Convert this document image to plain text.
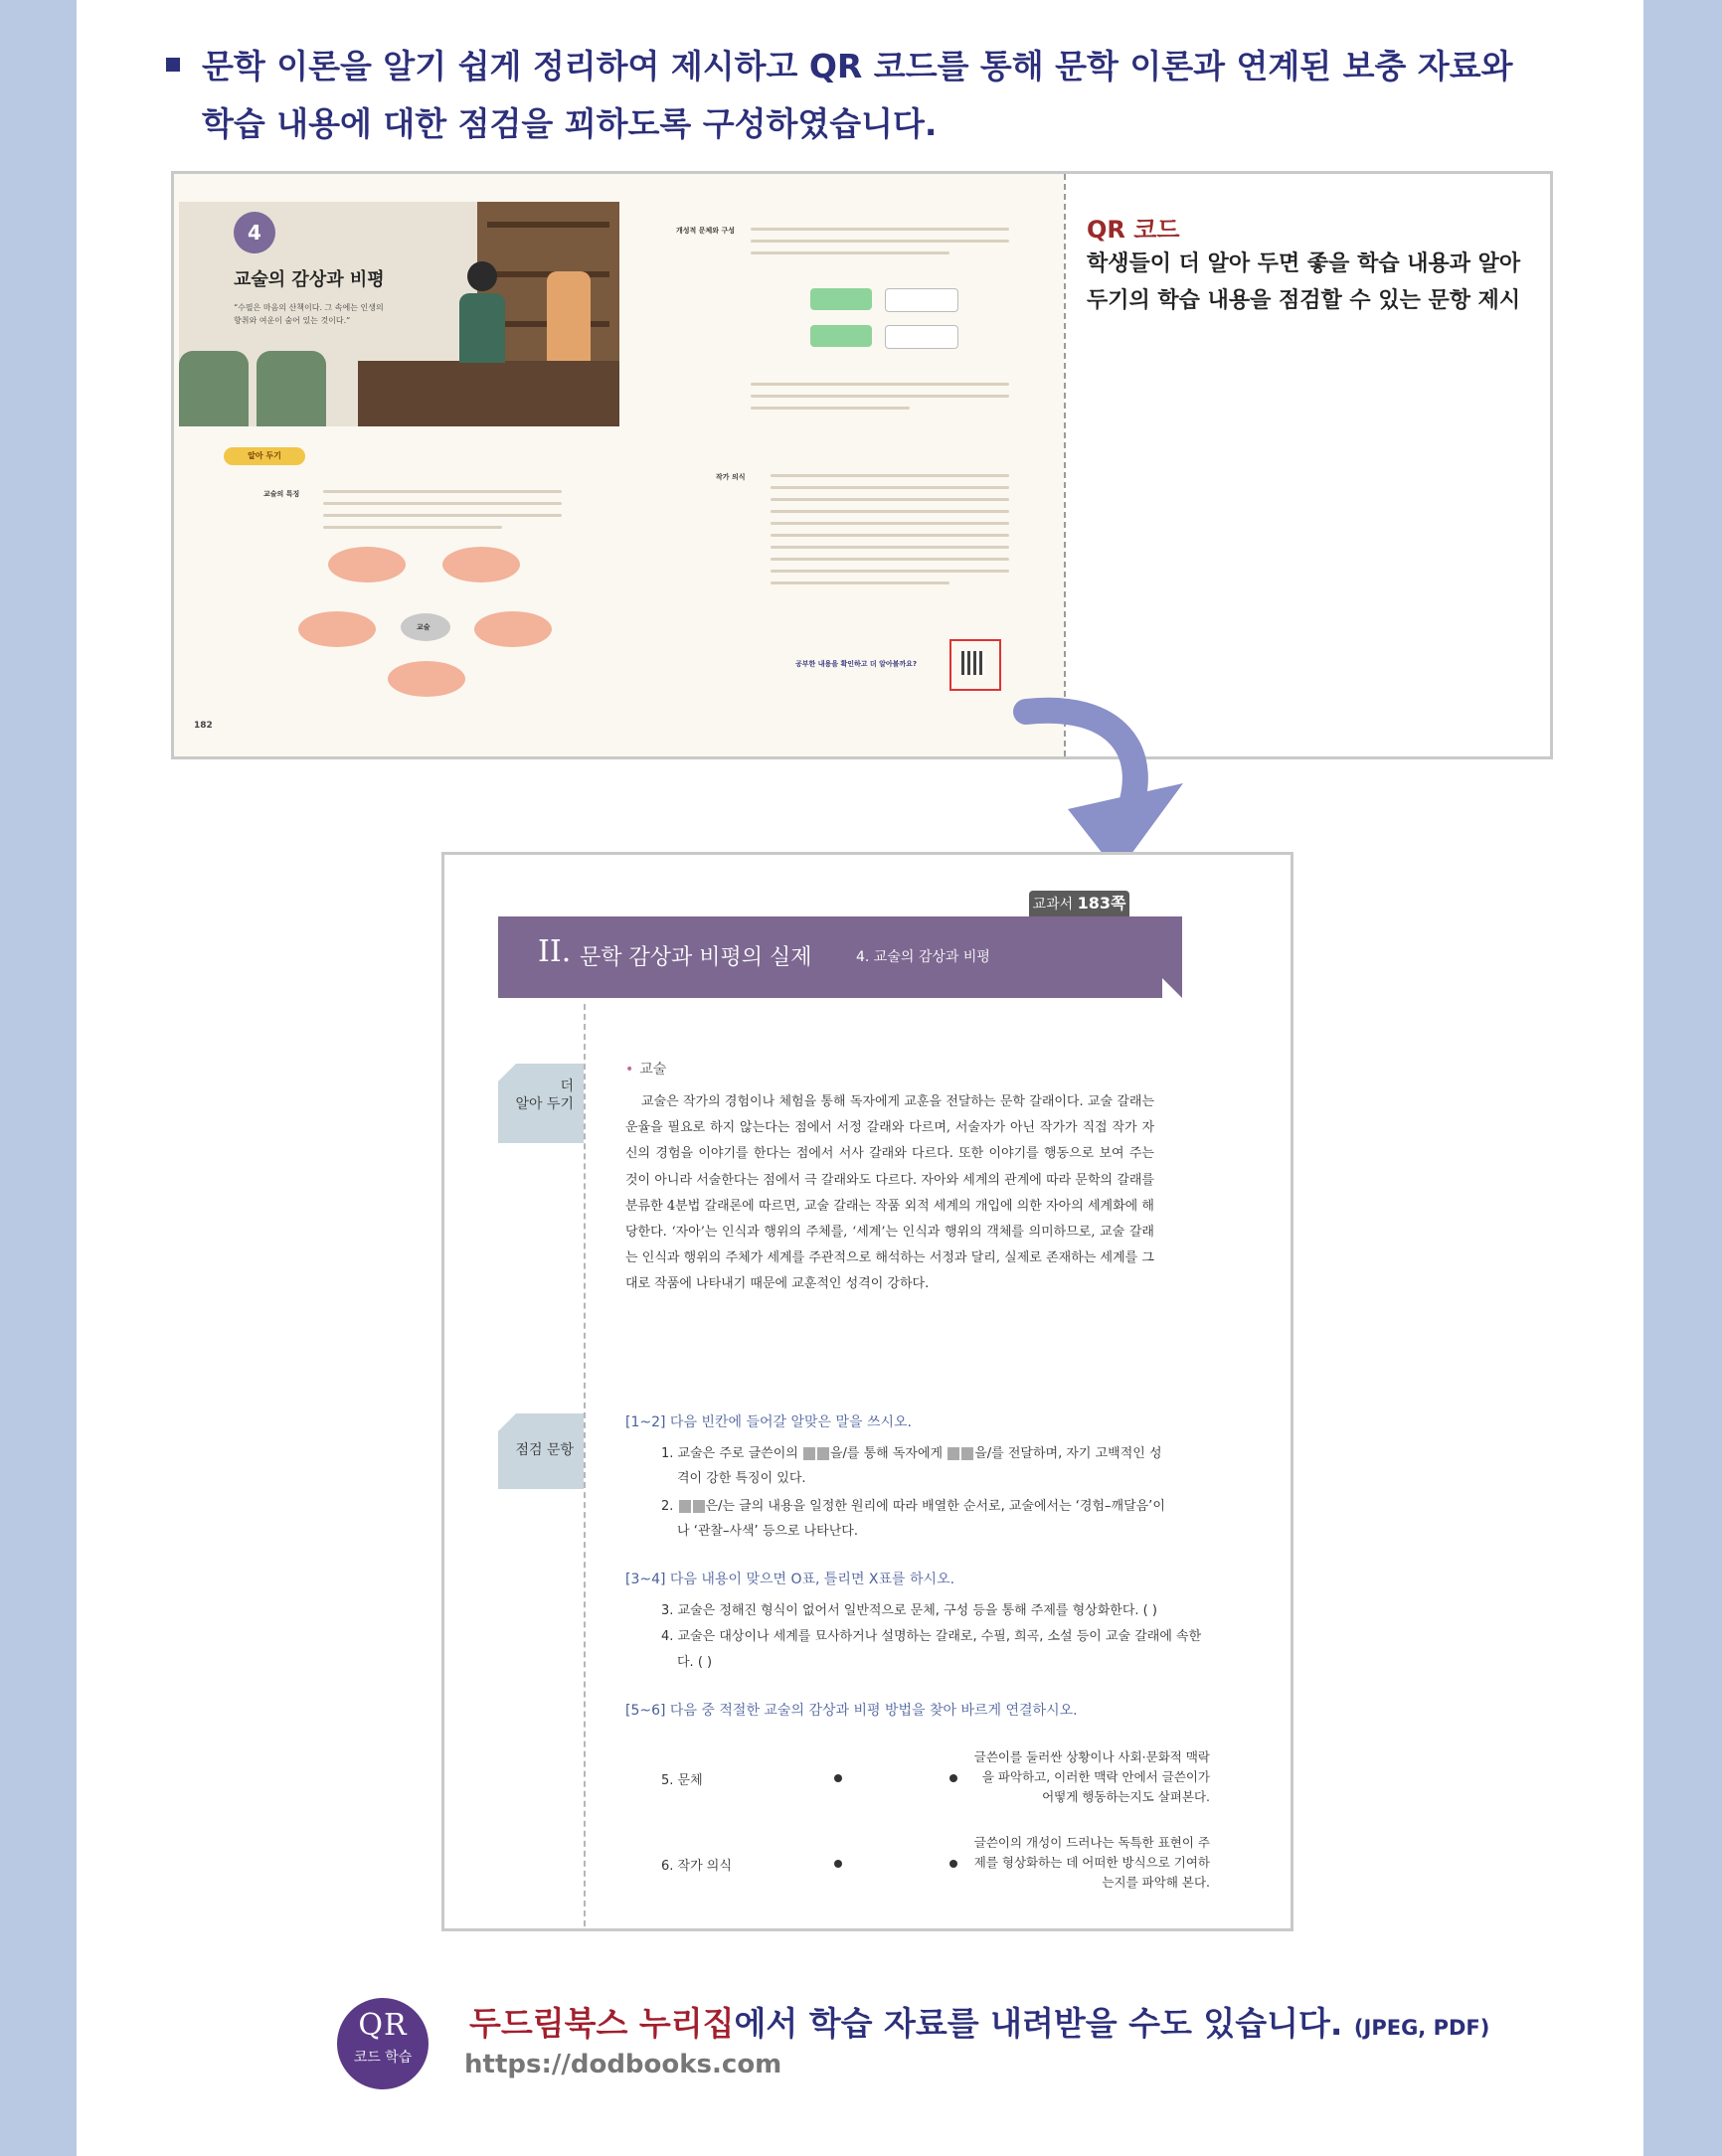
문학 이론을 알기 쉽게 정리하여 제시하고 QR 코드를 통해 문학 이론과 연계된 보충 자료와
학습 내용에 대한 점검을 꾀하도록 구성하였습니다.
4
교술의 감상과 비평
“수필은 마음의 산책이다. 그 속에는 인생의 향취와 여운이 숨어 있는 것이다.”
알아 두기
교술의 특징
교술
개성적 문체와 구성
작가 의식
공부한 내용을 확인하고 더 알아볼까요?
182
QR 코드
학생들이 더 알아 두면 좋을 학습 내용과 알아 두기의 학습 내용을 점검할 수 있는 문항 제시
교과서 183쪽
II. 문학 감상과 비평의 실제	4. 교술의 감상과 비평
더
알아 두기
점검 문항
• 교술
교술은 작가의 경험이나 체험을 통해 독자에게 교훈을 전달하는 문학 갈래이다. 교술 갈래는 운율을 필요로 하지 않는다는 점에서 서정 갈래와 다르며, 서술자가 아닌 작가가 직접 작가 자신의 경험을 이야기를 한다는 점에서 서사 갈래와 다르다. 또한 이야기를 행동으로 보여 주는 것이 아니라 서술한다는 점에서 극 갈래와도 다르다. 자아와 세계의 관계에 따라 문학의 갈래를 분류한 4분법 갈래론에 따르면, 교술 갈래는 작품 외적 세계의 개입에 의한 자아의 세계화에 해당한다. ‘자아’는 인식과 행위의 주체를, ‘세계’는 인식과 행위의 객체를 의미하므로, 교술 갈래는 인식과 행위의 주체가 세계를 주관적으로 해석하는 서정과 달리, 실제로 존재하는 세계를 그대로 작품에 나타내기 때문에 교훈적인 성격이 강하다.
[1~2] 다음 빈칸에 들어갈 알맞은 말을 쓰시오.
1. 교술은 주로 글쓴이의 을/를 통해 독자에게 을/를 전달하며, 자기 고백적인 성
격이 강한 특징이 있다.
2. 은/는 글의 내용을 일정한 원리에 따라 배열한 순서로, 교술에서는 ‘경험–깨달음’이
나 ‘관찰–사색’ 등으로 나타난다.
[3~4] 다음 내용이 맞으면 O표, 틀리면 X표를 하시오.
3. 교술은 정해진 형식이 없어서 일반적으로 문체, 구성 등을 통해 주제를 형상화한다. ( )
4. 교술은 대상이나 세계를 묘사하거나 설명하는 갈래로, 수필, 희곡, 소설 등이 교술 갈래에 속한
다. ( )
[5~6] 다음 중 적절한 교술의 감상과 비평 방법을 찾아 바르게 연결하시오.
5. 문체
글쓴이를 둘러싼 상황이나 사회·문화적 맥락을 파악하고, 이러한 맥락 안에서 글쓴이가 어떻게 행동하는지도 살펴본다.
6. 작가 의식
글쓴이의 개성이 드러나는 독특한 표현이 주제를 형상화하는 데 어떠한 방식으로 기여하는지를 파악해 본다.
QR
코드 학습
두드림북스 누리집에서 학습 자료를 내려받을 수도 있습니다. (JPEG, PDF)
https://dodbooks.com
